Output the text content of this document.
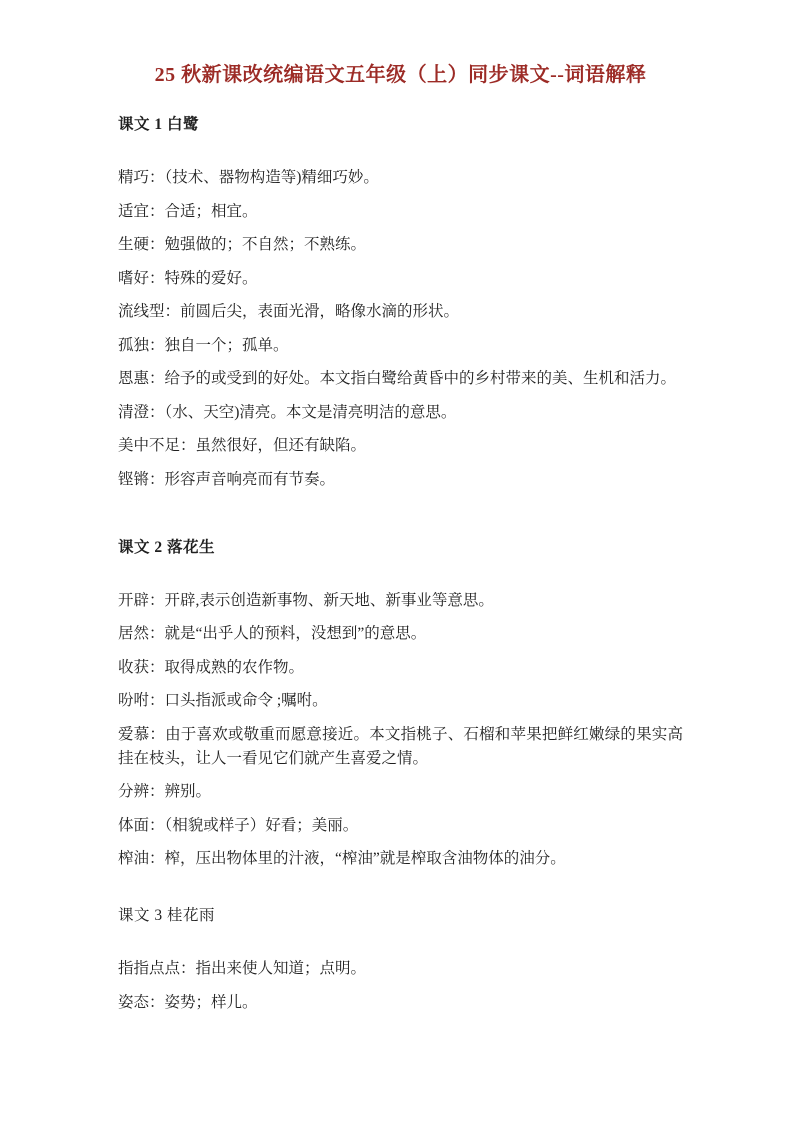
25 秋新课改统编语文五年级（上）同步课文--词语解释
课文 1 白鹭

精巧：（技术、器物构造等)精细巧妙。

适宜：合适；相宜。

生硬：勉强做的；不自然；不熟练。

嗜好：特殊的爱好。

流线型：前圆后尖，表面光滑，略像水滴的形状。

孤独：独自一个；孤单。

恩惠：给予的或受到的好处。本文指白鹭给黄昏中的乡村带来的美、生机和活力。

清澄：（水、天空)清亮。本文是清亮明洁的意思。

美中不足：虽然很好，但还有缺陷。

铿锵：形容声音响亮而有节奏。

课文 2 落花生

开辟：开辟,表示创造新事物、新天地、新事业等意思。

居然：就是“出乎人的预料，没想到”的意思。

收获：取得成熟的农作物。

吩咐：口头指派或命令 ;嘱咐。

爱慕：由于喜欢或敬重而愿意接近。本文指桃子、石榴和苹果把鲜红嫩绿的果实高挂在枝头，让人一看见它们就产生喜爱之情。

分辨：辨别。

体面：（相貌或样子）好看；美丽。

榨油：榨，压出物体里的汁液，“榨油”就是榨取含油物体的油分。

课文 3 桂花雨

指指点点：指出来使人知道；点明。

姿态：姿势；样儿。
